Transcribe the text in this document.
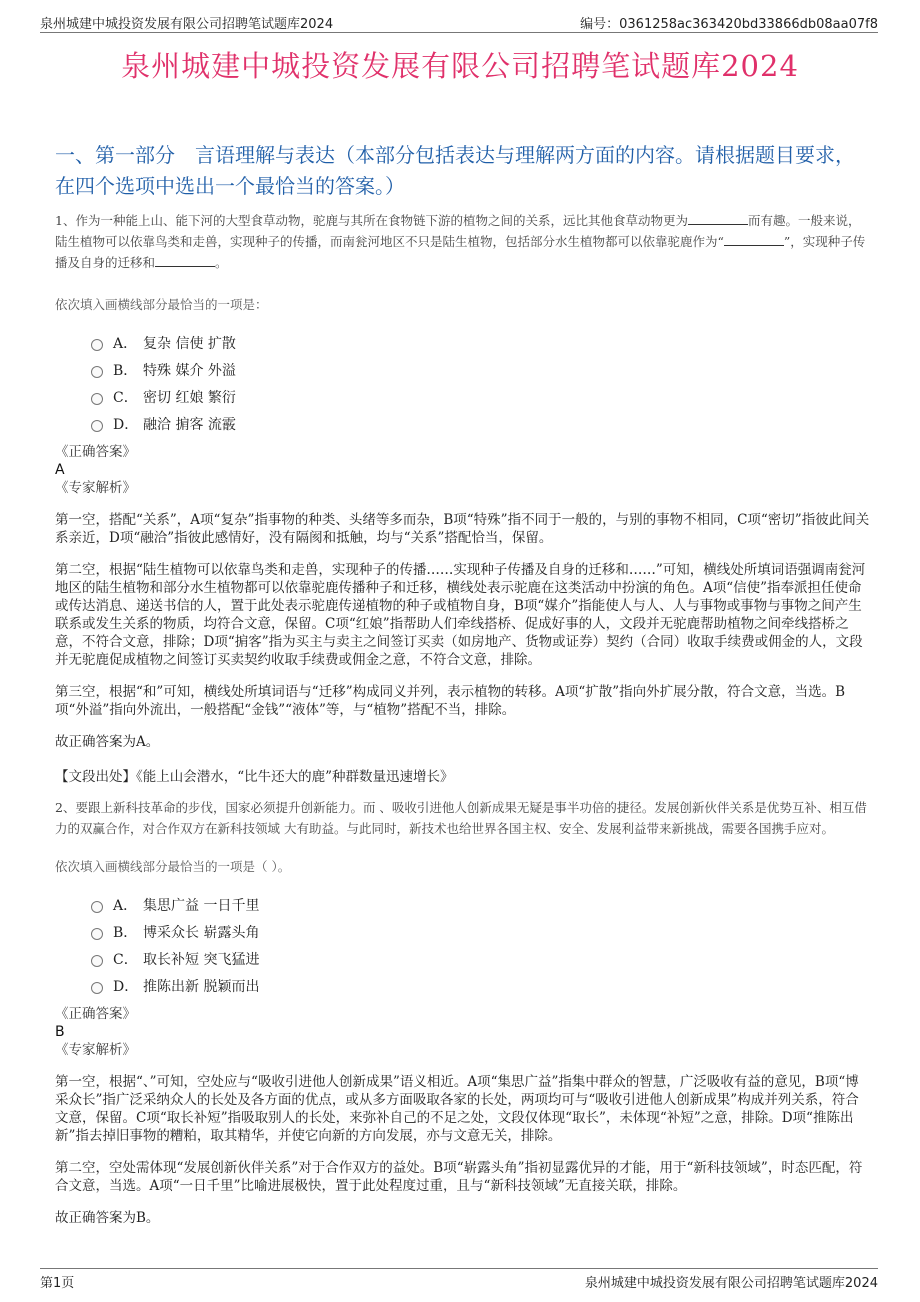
泉州城建中城投资发展有限公司招聘笔试题库2024	编号：0361258ac363420bd33866db08aa07f8
泉州城建中城投资发展有限公司招聘笔试题库2024
一、第一部分　言语理解与表达（本部分包括表达与理解两方面的内容。请根据题目要求，在四个选项中选出一个最恰当的答案。）

1、作为一种能上山、能下河的大型食草动物，驼鹿与其所在食物链下游的植物之间的关系，远比其他食草动物更为	而有趣。一般来说，陆生植物可以依靠鸟类和走兽，实现种子的传播，而南瓮河地区不只是陆生植物，包括部分水生植物都可以依靠驼鹿作为“	”，实现种子传播及自身的迁移和	。

依次填入画横线部分最恰当的一项是：

A． 复杂 信使 扩散
B． 特殊 媒介 外溢
C． 密切 红娘 繁衍
D． 融洽 掮客 流霰
《正确答案》
A
《专家解析》

第一空，搭配“关系”，A项“复杂”指事物的种类、头绪等多而杂，B项“特殊”指不同于一般的，与别的事物不相同，C项“密切”指彼此间关系亲近，D项“融洽”指彼此感情好，没有隔阂和抵触，均与“关系”搭配恰当，保留。

第二空，根据“陆生植物可以依靠鸟类和走兽，实现种子的传播……实现种子传播及自身的迁移和……”可知，横线处所填词语强调南瓮河地区的陆生植物和部分水生植物都可以依靠驼鹿传播种子和迁移，横线处表示驼鹿在这类活动中扮演的角色。A项“信使”指奉派担任使命或传达消息、递送书信的人，置于此处表示驼鹿传递植物的种子或植物自身，B项“媒介”指能使人与人、人与事物或事物与事物之间产生联系或发生关系的物质，均符合文意，保留。C项“红娘”指帮助人们牵线搭桥、促成好事的人，文段并无驼鹿帮助植物之间牵线搭桥之意，不符合文意，排除；D项“掮客”指为买主与卖主之间签订买卖（如房地产、货物或证券）契约（合同）收取手续费或佣金的人，文段并无驼鹿促成植物之间签订买卖契约收取手续费或佣金之意，不符合文意，排除。

第三空，根据“和”可知，横线处所填词语与“迁移”构成同义并列，表示植物的转移。A项“扩散”指向外扩展分散，符合文意，当选。B项“外溢”指向外流出，一般搭配“金钱”“液体”等，与“植物”搭配不当，排除。

故正确答案为A。

【文段出处】《能上山会潜水，“比牛还大的鹿”种群数量迅速增长》

2、要跟上新科技革命的步伐，国家必须提升创新能力。而 、吸收引进他人创新成果无疑是事半功倍的捷径。发展创新伙伴关系是优势互补、相互借力的双赢合作，对合作双方在新科技领域 大有助益。与此同时，新技术也给世界各国主权、安全、发展利益带来新挑战，需要各国携手应对。

依次填入画横线部分最恰当的一项是（ ）。

A． 集思广益 一日千里
B． 博采众长 崭露头角
C． 取长补短 突飞猛进
D． 推陈出新 脱颖而出
《正确答案》
B
《专家解析》

第一空，根据“、”可知，空处应与“吸收引进他人创新成果”语义相近。A项“集思广益”指集中群众的智慧，广泛吸收有益的意见，B项“博采众长”指广泛采纳众人的长处及各方面的优点，或从多方面吸取各家的长处，两项均可与“吸收引进他人创新成果”构成并列关系，符合文意，保留。C项“取长补短”指吸取别人的长处，来弥补自己的不足之处，文段仅体现“取长”，未体现“补短”之意，排除。D项“推陈出新”指去掉旧事物的糟粕，取其精华，并使它向新的方向发展，亦与文意无关，排除。

第二空，空处需体现“发展创新伙伴关系”对于合作双方的益处。B项“崭露头角”指初显露优异的才能，用于“新科技领域”，时态匹配，符合文意，当选。A项“一日千里”比喻进展极快，置于此处程度过重，且与“新科技领域”无直接关联，排除。

故正确答案为B。

第1页	泉州城建中城投资发展有限公司招聘笔试题库2024
